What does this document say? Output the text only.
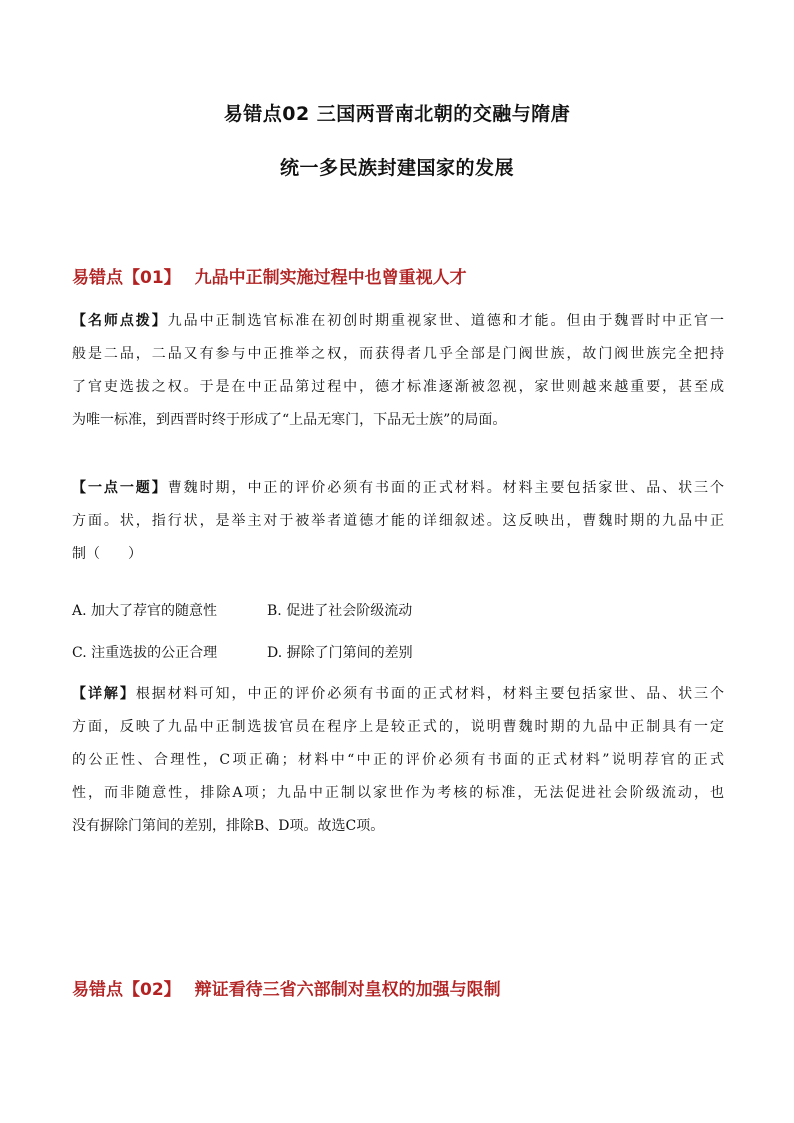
易错点02 三国两晋南北朝的交融与隋唐
统一多民族封建国家的发展
易错点【01】 九品中正制实施过程中也曾重视人才
【名师点拨】九品中正制选官标准在初创时期重视家世、道德和才能。但由于魏晋时中正官一
般是二品，二品又有参与中正推举之权，而获得者几乎全部是门阀世族，故门阀世族完全把持
了官吏选拔之权。于是在中正品第过程中，德才标准逐渐被忽视，家世则越来越重要，甚至成
为唯一标准，到西晋时终于形成了“上品无寒门，下品无士族”的局面。
【一点一题】曹魏时期，中正的评价必须有书面的正式材料。材料主要包括家世、品、状三个
方面。状，指行状，是举主对于被举者道德才能的详细叙述。这反映出，曹魏时期的九品中正
制（　　）
A. 加大了荐官的随意性	B. 促进了社会阶级流动
C. 注重选拔的公正合理	D. 摒除了门第间的差别
【详解】根据材料可知，中正的评价必须有书面的正式材料，材料主要包括家世、品、状三个
方面，反映了九品中正制选拔官员在程序上是较正式的，说明曹魏时期的九品中正制具有一定
的公正性、合理性，C项正确；材料中“中正的评价必须有书面的正式材料”说明荐官的正式
性，而非随意性，排除A项；九品中正制以家世作为考核的标准，无法促进社会阶级流动，也
没有摒除门第间的差别，排除B、D项。故选C项。
易错点【02】 辩证看待三省六部制对皇权的加强与限制
